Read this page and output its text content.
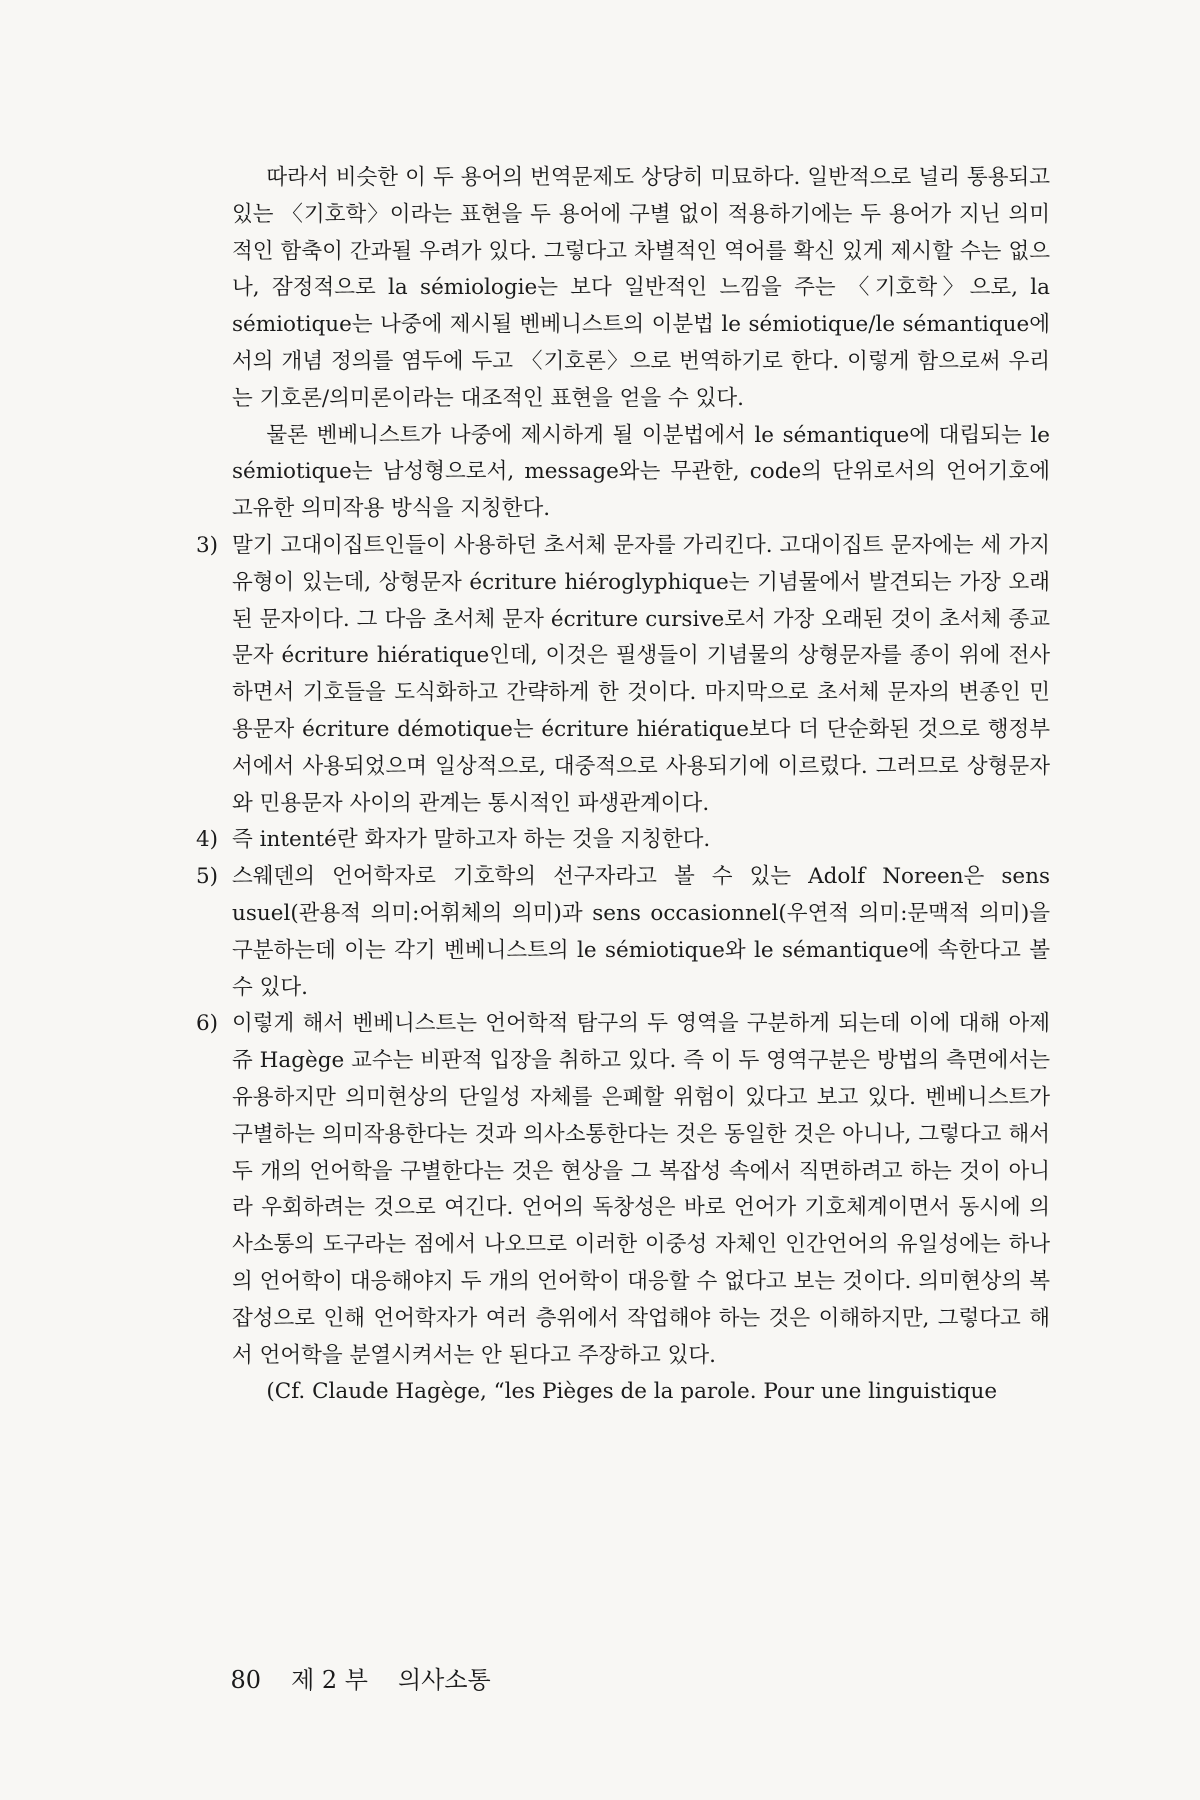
따라서 비슷한 이 두 용어의 번역문제도 상당히 미묘하다. 일반적으로 널리 통용되고 있는 〈기호학〉이라는 표현을 두 용어에 구별 없이 적용하기에는 두 용어가 지닌 의미적인 함축이 간과될 우려가 있다. 그렇다고 차별적인 역어를 확신 있게 제시할 수는 없으나, 잠정적으로 la sémiologie는 보다 일반적인 느낌을 주는 〈기호학〉으로, la sémiotique는 나중에 제시될 벤베니스트의 이분법 le sémiotique/le sémantique에서의 개념 정의를 염두에 두고 〈기호론〉으로 번역하기로 한다. 이렇게 함으로써 우리는 기호론/의미론이라는 대조적인 표현을 얻을 수 있다.

물론 벤베니스트가 나중에 제시하게 될 이분법에서 le sémantique에 대립되는 le sémiotique는 남성형으로서, message와는 무관한, code의 단위로서의 언어기호에 고유한 의미작용 방식을 지칭한다.

3) 말기 고대이집트인들이 사용하던 초서체 문자를 가리킨다. 고대이집트 문자에는 세 가지 유형이 있는데, 상형문자 écriture hiéroglyphique는 기념물에서 발견되는 가장 오래된 문자이다. 그 다음 초서체 문자 écriture cursive로서 가장 오래된 것이 초서체 종교문자 écriture hiératique인데, 이것은 필생들이 기념물의 상형문자를 종이 위에 전사하면서 기호들을 도식화하고 간략하게 한 것이다. 마지막으로 초서체 문자의 변종인 민용문자 écriture démotique는 écriture hiératique보다 더 단순화된 것으로 행정부서에서 사용되었으며 일상적으로, 대중적으로 사용되기에 이르렀다. 그러므로 상형문자와 민용문자 사이의 관계는 통시적인 파생관계이다.
4) 즉 intenté란 화자가 말하고자 하는 것을 지칭한다.
5) 스웨덴의 언어학자로 기호학의 선구자라고 볼 수 있는 Adolf Noreen은 sens usuel(관용적 의미:어휘체의 의미)과 sens occasionnel(우연적 의미:문맥적 의미)을 구분하는데 이는 각기 벤베니스트의 le sémiotique와 le sémantique에 속한다고 볼 수 있다.
6) 이렇게 해서 벤베니스트는 언어학적 탐구의 두 영역을 구분하게 되는데 이에 대해 아제쥬 Hagège 교수는 비판적 입장을 취하고 있다. 즉 이 두 영역구분은 방법의 측면에서는 유용하지만 의미현상의 단일성 자체를 은폐할 위험이 있다고 보고 있다. 벤베니스트가 구별하는 의미작용한다는 것과 의사소통한다는 것은 동일한 것은 아니나, 그렇다고 해서 두 개의 언어학을 구별한다는 것은 현상을 그 복잡성 속에서 직면하려고 하는 것이 아니라 우회하려는 것으로 여긴다. 언어의 독창성은 바로 언어가 기호체계이면서 동시에 의사소통의 도구라는 점에서 나오므로 이러한 이중성 자체인 인간언어의 유일성에는 하나의 언어학이 대응해야지 두 개의 언어학이 대응할 수 없다고 보는 것이다. 의미현상의 복잡성으로 인해 언어학자가 여러 층위에서 작업해야 하는 것은 이해하지만, 그렇다고 해서 언어학을 분열시켜서는 안 된다고 주장하고 있다.

(Cf. Claude Hagège, “les Pièges de la parole. Pour une linguistique

80 제 2 부 의사소통
